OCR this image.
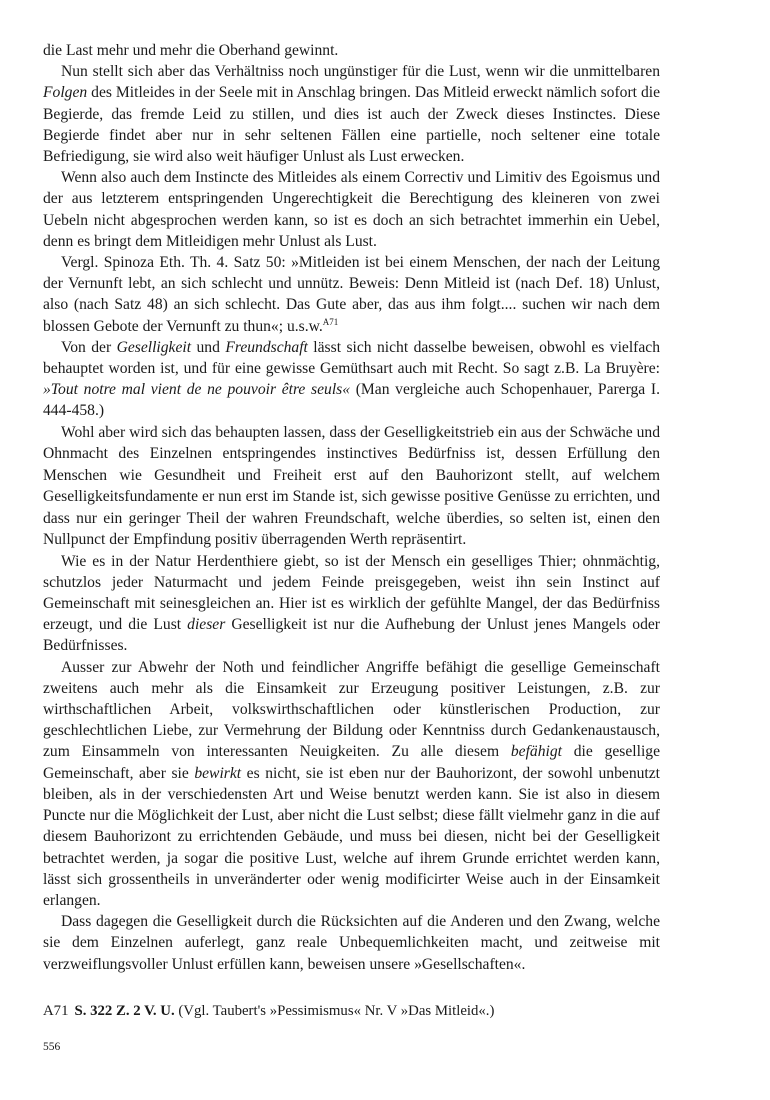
die Last mehr und mehr die Oberhand gewinnt.

Nun stellt sich aber das Verhältniss noch ungünstiger für die Lust, wenn wir die unmittelbaren Folgen des Mitleides in der Seele mit in Anschlag bringen. Das Mitleid erweckt nämlich sofort die Begierde, das fremde Leid zu stillen, und dies ist auch der Zweck dieses Instinctes. Diese Begierde findet aber nur in sehr seltenen Fällen eine partielle, noch seltener eine totale Befriedigung, sie wird also weit häufiger Unlust als Lust erwecken.

Wenn also auch dem Instincte des Mitleides als einem Correctiv und Limitiv des Egoismus und der aus letzterem entspringenden Ungerechtigkeit die Berechtigung des kleineren von zwei Uebeln nicht abgesprochen werden kann, so ist es doch an sich betrachtet immerhin ein Uebel, denn es bringt dem Mitleidigen mehr Unlust als Lust.

Vergl. Spinoza Eth. Th. 4. Satz 50: »Mitleiden ist bei einem Menschen, der nach der Leitung der Vernunft lebt, an sich schlecht und unnütz. Beweis: Denn Mitleid ist (nach Def. 18) Unlust, also (nach Satz 48) an sich schlecht. Das Gute aber, das aus ihm folgt.... suchen wir nach dem blossen Gebote der Vernunft zu thun«; u.s.w.$^{A71}$

Von der Geselligkeit und Freundschaft lässt sich nicht dasselbe beweisen, obwohl es vielfach behauptet worden ist, und für eine gewisse Gemüthsart auch mit Recht. So sagt z.B. La Bruyère: »Tout notre mal vient de ne pouvoir être seuls« (Man vergleiche auch Schopenhauer, Parerga I. 444-458.)

Wohl aber wird sich das behaupten lassen, dass der Geselligkeitstrieb ein aus der Schwäche und Ohnmacht des Einzelnen entspringendes instinctives Bedürfniss ist, dessen Erfüllung den Menschen wie Gesundheit und Freiheit erst auf den Bauhorizont stellt, auf welchem Geselligkeitsfundamente er nun erst im Stande ist, sich gewisse positive Genüsse zu errichten, und dass nur ein geringer Theil der wahren Freundschaft, welche überdies, so selten ist, einen den Nullpunct der Empfindung positiv überragenden Werth repräsentirt.

Wie es in der Natur Herdenthiere giebt, so ist der Mensch ein geselliges Thier; ohnmächtig, schutzlos jeder Naturmacht und jedem Feinde preisgegeben, weist ihn sein Instinct auf Gemeinschaft mit seinesgleichen an. Hier ist es wirklich der gefühlte Mangel, der das Bedürfniss erzeugt, und die Lust dieser Geselligkeit ist nur die Aufhebung der Unlust jenes Mangels oder Bedürfnisses.

Ausser zur Abwehr der Noth und feindlicher Angriffe befähigt die gesellige Gemeinschaft zweitens auch mehr als die Einsamkeit zur Erzeugung positiver Leistungen, z.B. zur wirthschaftlichen Arbeit, volkswirthschaftlichen oder künstlerischen Production, zur geschlechtlichen Liebe, zur Vermehrung der Bildung oder Kenntniss durch Gedankenaustausch, zum Einsammeln von interessanten Neuigkeiten. Zu alle diesem befähigt die gesellige Gemeinschaft, aber sie bewirkt es nicht, sie ist eben nur der Bauhorizont, der sowohl unbenutzt bleiben, als in der verschiedensten Art und Weise benutzt werden kann. Sie ist also in diesem Puncte nur die Möglichkeit der Lust, aber nicht die Lust selbst; diese fällt vielmehr ganz in die auf diesem Bauhorizont zu errichtenden Gebäude, und muss bei diesen, nicht bei der Geselligkeit betrachtet werden, ja sogar die positive Lust, welche auf ihrem Grunde errichtet werden kann, lässt sich grossentheils in unveränderter oder wenig modificirter Weise auch in der Einsamkeit erlangen.

Dass dagegen die Geselligkeit durch die Rücksichten auf die Anderen und den Zwang, welche sie dem Einzelnen auferlegt, ganz reale Unbequemlichkeiten macht, und zeitweise mit verzweiflungsvoller Unlust erfüllen kann, beweisen unsere »Gesellschaften«.

A71 S. 322 Z. 2 V. U. (Vgl. Taubert's »Pessimismus« Nr. V »Das Mitleid«.)

556
